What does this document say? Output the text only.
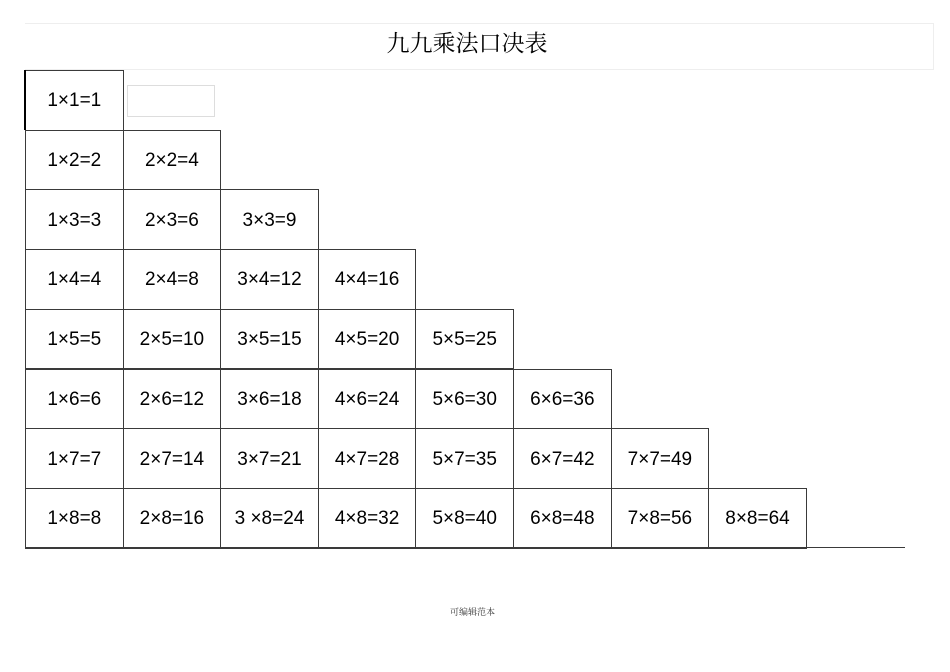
九九乘法口决表
1×1=1
1×2=2 2×2=4
1×3=3 2×3=6 3×3=9
1×4=4 2×4=8 3×4=12 4×4=16
1×5=5 2×5=10 3×5=15 4×5=20 5×5=25
1×6=6 2×6=12 3×6=18 4×6=24 5×6=30 6×6=36
1×7=7 2×7=14 3×7=21 4×7=28 5×7=35 6×7=42 7×7=49
1×8=8 2×8=16 3 ×8=24 4×8=32 5×8=40 6×8=48 7×8=56 8×8=64
可编辑范本
